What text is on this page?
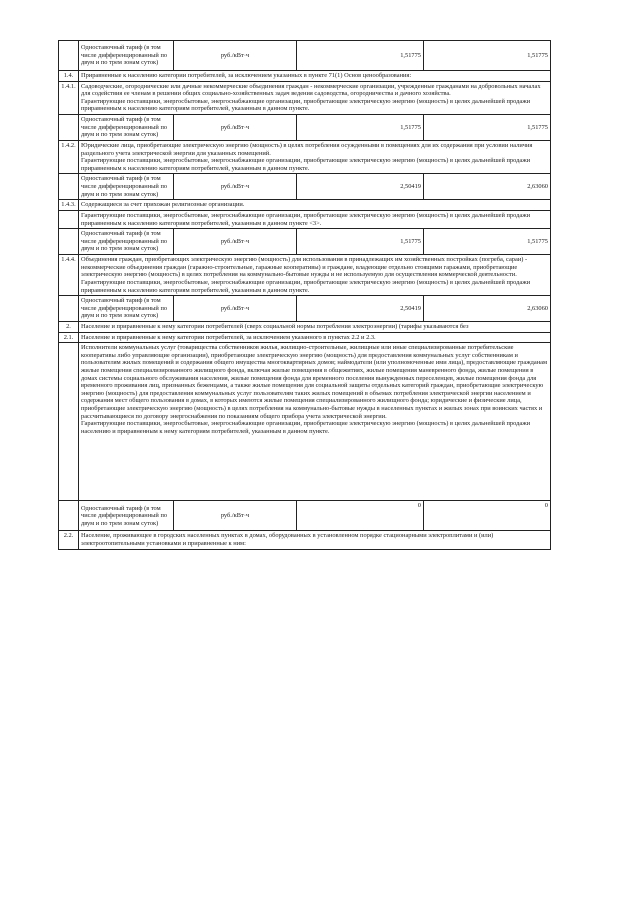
	Одноставочный тариф (в том числе дифференцированный по двум и по трем зонам суток)	руб./кВт·ч	1,51775	1,51775
1.4.	Приравненные к населению категории потребителей, за исключением указанных в пункте 71(1) Основ ценообразования:			
1.4.1.	Садоводческие, огороднические или дачные некоммерческие объединения граждан - некоммерческие организации, учрежденные гражданами на добровольных началах для содействия ее членам в решении общих социально-хозяйственных задач ведения садоводства, огородничества и дачного хозяйства.
Гарантирующие поставщики, энергосбытовые, энергоснабжающие организации, приобретающие электрическую энергию (мощность) в целях дальнейшей продажи приравненным к населению категориям потребителей, указанным в данном пункте.			

	Одноставочный тариф (в том числе дифференцированный по двум и по трем зонам суток)	руб./кВт·ч	1,51775	1,51775
1.4.2.	Юридические лица, приобретающие электрическую энергию (мощность) в целях потребления осужденными в помещениях для их содержания при условии наличия раздельного учета электрической энергии для указанных помещений.
Гарантирующие поставщики, энергосбытовые, энергоснабжающие организации, приобретающие электрическую энергию (мощность) в целях дальнейшей продажи приравненным к населению категориям потребителей, указанным в данном пункте.			

	Одноставочный тариф (в том числе дифференцированный по двум и по трем зонам суток)	руб./кВт·ч	2,50419	2,63060
1.4.3.	Содержащиеся за счет прихожан религиозные организации.			
	Гарантирующие поставщики, энергосбытовые, энергоснабжающие организации, приобретающие электрическую энергию (мощность) в целях дальнейшей продажи приравненным к населению категориям потребителей, указанным в данном пункте <3>.			
	Одноставочный тариф (в том числе дифференцированный по двум и по трем зонам суток)	руб./кВт·ч	1,51775	1,51775
1.4.4.	Объединения граждан, приобретающих электрическую энергию (мощность) для использования в принадлежащих им хозяйственных постройках (погреба, сараи) - некоммерческие объединения граждан (гаражно-строительные, гаражные кооперативы) и граждане, владеющие отдельно стоящими гаражами, приобретающие электрическую энергию (мощность) в целях потребления на коммунально-бытовые нужды и не используемую для осуществления коммерческой деятельности.
Гарантирующие поставщики, энергосбытовые, энергоснабжающие организации, приобретающие электрическую энергию (мощность) в целях дальнейшей продажи приравненным к населению категориям потребителей, указанным в данном пункте.			

	Одноставочный тариф (в том числе дифференцированный по двум и по трем зонам суток)	руб./кВт·ч	2,50419	2,63060
2.	Население и приравненные к нему категории потребителей (сверх социальной нормы потребления электроэнергии) (тарифы указываются без			
2.1.	Население и приравненные к нему категории потребителей, за исключением указанного в пунктах 2.2 и 2.3.			

	Исполнители коммунальных услуг (товарищества собственников жилья, жилищно-строительные, жилищные или иные специализированные потребительские кооперативы либо управляющие организации), приобретающие электрическую энергию (мощность) для предоставления коммунальных услуг собственникам и пользователям жилых помещений и содержания общего имущества многоквартирных домов; наймодатели (или уполномоченные ими лица), предоставляющие гражданам жилые помещения специализированного жилищного фонда, включая жилые помещения в общежитиях, жилые помещения маневренного фонда, жилые помещения в домах системы социального обслуживания населения, жилые помещения фонда для временного поселения вынужденных переселенцев, жилые помещения фонда для временного проживания лиц, признанных беженцами, а также жилые помещения для социальной защиты отдельных категорий граждан, приобретающие электрическую энергию (мощность) для предоставления коммунальных услуг пользователям таких жилых помещений в объемах потребления электрической энергии населением и содержания мест общего пользования в домах, в которых имеются жилые помещения специализированного жилищного фонда; юридические и физические лица, приобретающие электрическую энергию (мощность) в целях потребления на коммунально-бытовые нужды в населенных пунктах и жилых зонах при воинских частях и рассчитывающиеся по договору энергоснабжения по показаниям общего прибора учета электрической энергии.
Гарантирующие поставщики, энергосбытовые, энергоснабжающие организации, приобретающие электрическую энергию (мощность) в целях дальнейшей продажи населению и приравненным к нему категориям потребителей, указанным в данном пункте.			

	Одноставочный тариф (в том числе дифференцированный по двум и по трем зонам суток)	руб./кВт·ч	0	0
2.2.	Население, проживающее в городских населенных пунктах в домах, оборудованных в установленном порядке стационарными электроплитами и (или) электроотопительными установками и приравненные к ним:			
